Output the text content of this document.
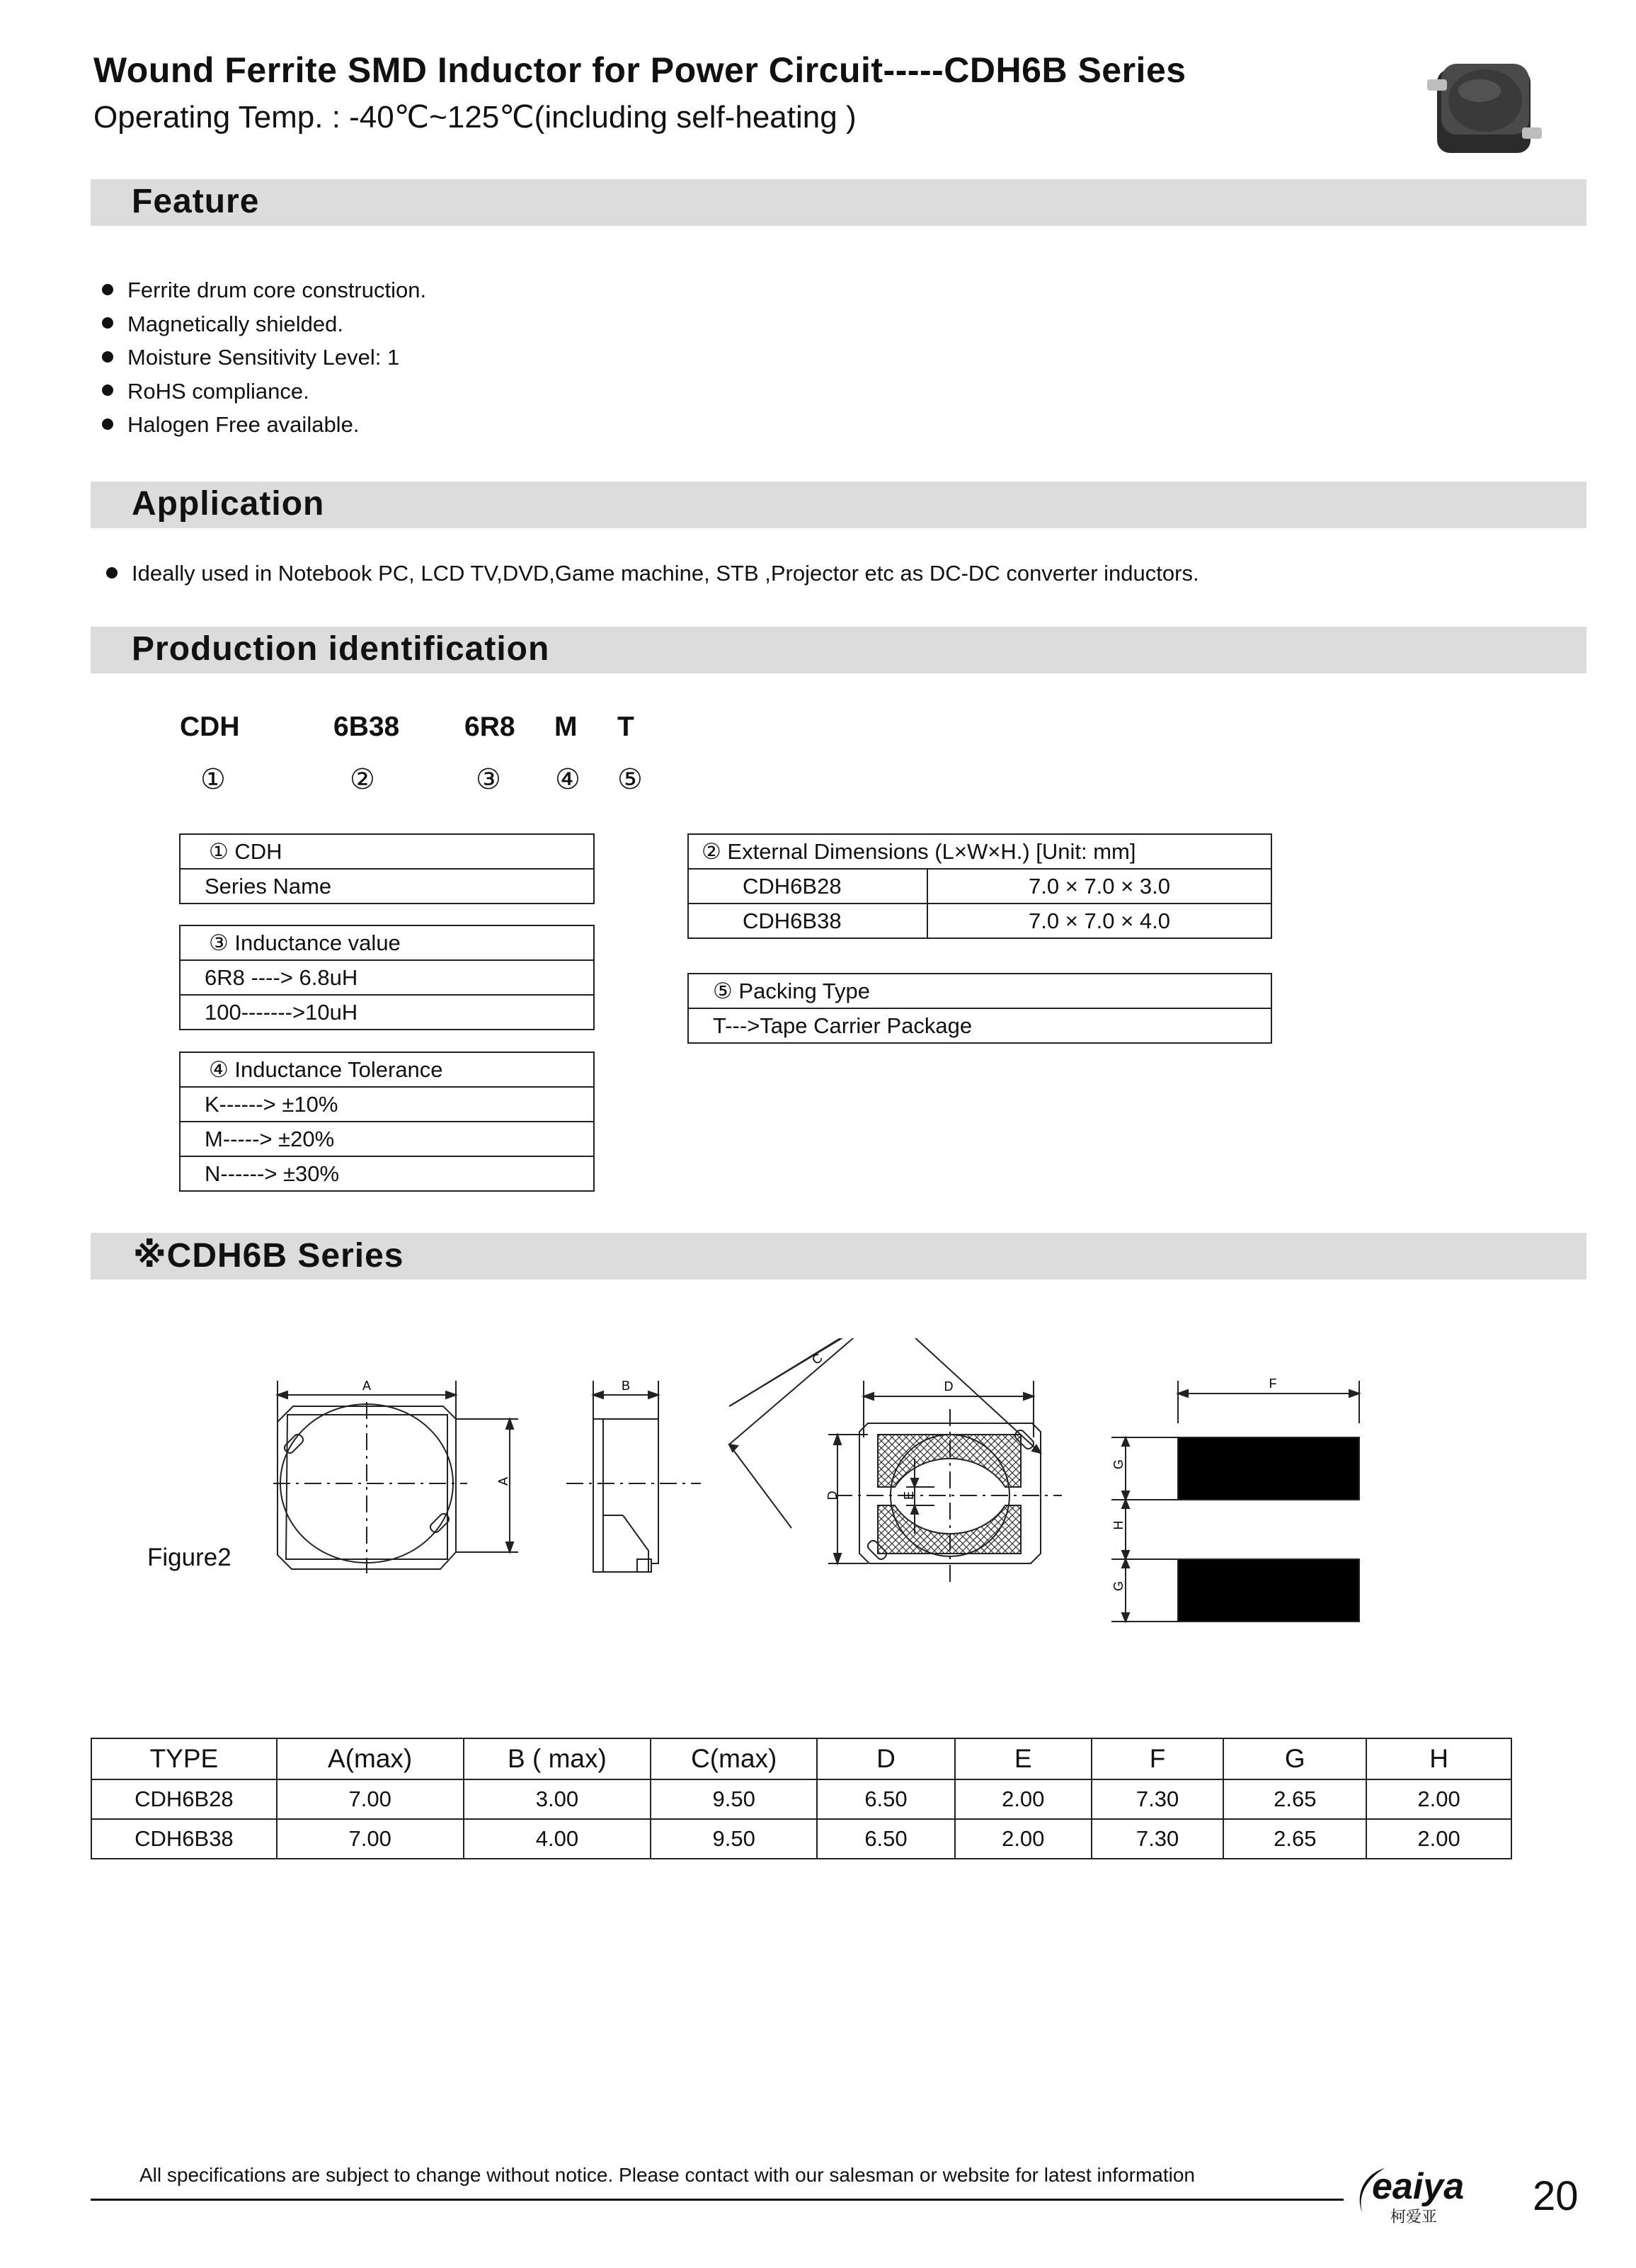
Wound Ferrite SMD Inductor for Power Circuit-----CDH6B Series
Operating Temp. : -40℃~125℃(including self-heating )
Feature
Ferrite drum core construction.
Magnetically shielded.
Moisture Sensitivity Level: 1
RoHS compliance.
Halogen Free available.
Application
Ideally used in Notebook PC, LCD TV,DVD,Game machine, STB ,Projector etc as DC-DC converter inductors.
Production identification
CDH	6B38 6R8 M T
①	②	③ ④ ⑤
① CDH
Series Name
③ Inductance value
6R8 ----> 6.8uH
100------->10uH
④ Inductance Tolerance
K------> ±10%
M-----> ±20%
N------> ±30%
② External Dimensions (L×W×H.) [Unit: mm]	
CDH6B28	7.0 × 7.0 × 3.0
CDH6B38	7.0 × 7.0 × 4.0
⑤ Packing Type
T--->Tape Carrier Package
※CDH6B Series
Figure2
A
A
B
C
D
D	E
F
G
H
G
TYPE	A(max)	B ( max)	C(max)	D	E	F	G	H
CDH6B28	7.00	3.00	9.50	6.50	2.00	7.30	2.65	2.00
CDH6B38	7.00	4.00	9.50	6.50	2.00	7.30	2.65	2.00
All specifications are subject to change without notice. Please contact with our salesman or website for latest information	eaiya
柯爱亚 20
